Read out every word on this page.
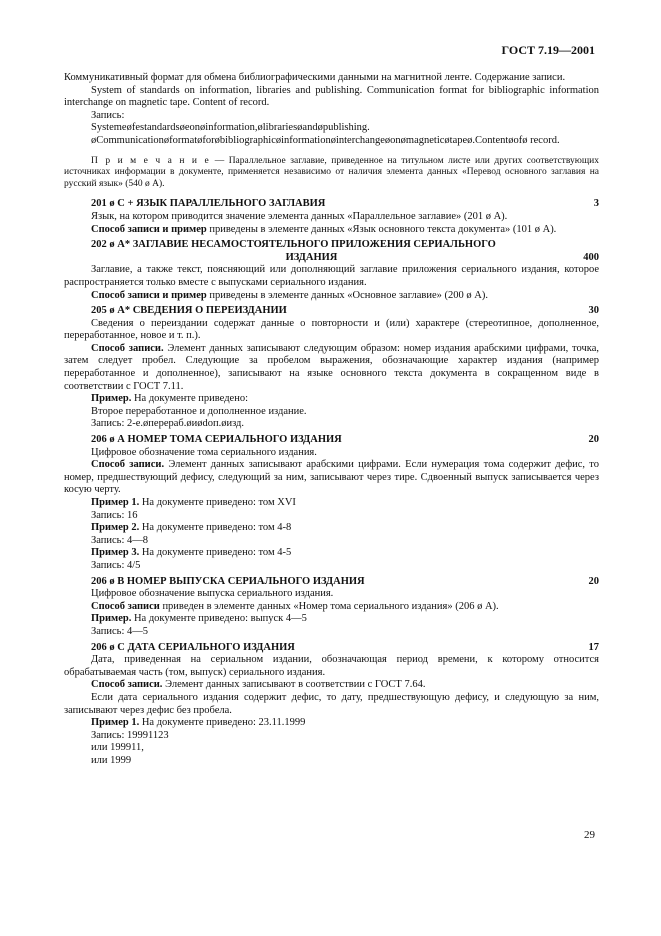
ГОСТ 7.19—2001

Коммуникативный формат для обмена библиографическими данными на магнитной ленте. Содержание записи.

System of standards on information, libraries and publishing. Communication format for bibliographic information interchange on magnetic tape. Content of record.

Запись:

Systemeøfestandardsøeonøinformation,ølibrariesøandøpublishing.

øCommunicationøformatøforøbibliographicøinformationøinterchangeøonømagneticøtapeø.Contentøofø record.

П р и м е ч а н и е — Параллельное заглавие, приведенное на титульном листе или других соответствующих источниках информации в документе, применяется независимо от наличия элемента данных «Перевод основного заглавия на русский язык» (540 ø А).

201 ø С + ЯЗЫК ПАРАЛЛЕЛЬНОГО ЗАГЛАВИЯ	3

Язык, на котором приводится значение элемента данных «Параллельное заглавие» (201 ø А).

Способ записи и пример приведены в элементе данных «Язык основного текста документа» (101 ø А).

202 ø А* ЗАГЛАВИЕ НЕСАМОСТОЯТЕЛЬНОГО ПРИЛОЖЕНИЯ СЕРИАЛЬНОГО
ИЗДАНИЯ	400

Заглавие, а также текст, поясняющий или дополняющий заглавие приложения сериального издания, которое распространяется только вместе с выпусками сериального издания.

Способ записи и пример приведены в элементе данных «Основное заглавие» (200 ø А).

205 ø А* СВЕДЕНИЯ О ПЕРЕИЗДАНИИ	30

Сведения о переиздании содержат данные о повторности и (или) характере (стереотипное, дополненное, переработанное, новое и т. п.).

Способ записи. Элемент данных записывают следующим образом: номер издания арабскими цифрами, точка, затем следует пробел. Следующие за пробелом выражения, обозначающие характер издания (например переработанное и дополненное), записывают на языке основного текста документа в сокращенном виде в соответствии с ГОСТ 7.11.

Пример. На документе приведено:

Второе переработанное и дополненное издание.

Запись: 2-е.øперераб.øиødоп.øизд.

206 ø А НОМЕР ТОМА СЕРИАЛЬНОГО ИЗДАНИЯ	20

Цифровое обозначение тома сериального издания.

Способ записи. Элемент данных записывают арабскими цифрами. Если нумерация тома содержит дефис, то номер, предшествующий дефису, следующий за ним, записывают через тире. Сдвоенный выпуск записывается через косую черту.

Пример 1. На документе приведено: том XVI

Запись: 16

Пример 2. На документе приведено: том 4-8

Запись: 4—8

Пример 3. На документе приведено: том 4-5

Запись: 4/5

206 ø В НОМЕР ВЫПУСКА СЕРИАЛЬНОГО ИЗДАНИЯ	20

Цифровое обозначение выпуска сериального издания.

Способ записи приведен в элементе данных «Номер тома сериального издания» (206 ø А).

Пример. На документе приведено: выпуск 4—5

Запись: 4—5

206 ø С ДАТА СЕРИАЛЬНОГО ИЗДАНИЯ	17

Дата, приведенная на сериальном издании, обозначающая период времени, к которому относится обрабатываемая часть (том, выпуск) сериального издания.

Способ записи. Элемент данных записывают в соответствии с ГОСТ 7.64.

Если дата сериального издания содержит дефис, то дату, предшествующую дефису, и следующую за ним, записывают через дефис без пробела.

Пример 1. На документе приведено: 23.11.1999

Запись: 19991123

или 199911,

или 1999

29
